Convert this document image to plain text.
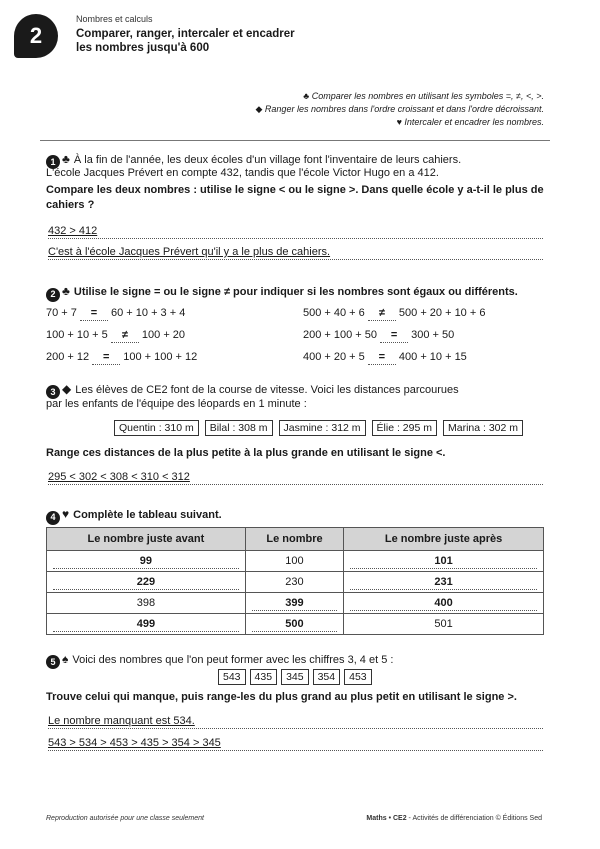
2
Nombres et calculs
Comparer, ranger, intercaler et encadrer les nombres jusqu'à 600
♣ Comparer les nombres en utilisant les symboles =, ≠, <, >.
◆ Ranger les nombres dans l'ordre croissant et dans l'ordre décroissant.
♥ Intercaler et encadrer les nombres.
1 ♣ À la fin de l'année, les deux écoles d'un village font l'inventaire de leurs cahiers.
L'école Jacques Prévert en compte 432, tandis que l'école Victor Hugo en a 412.
Compare les deux nombres : utilise le signe < ou le signe >. Dans quelle école y a-t-il le plus de cahiers ?
432 > 412
C'est à l'école Jacques Prévert qu'il y a le plus de cahiers.
2 ♣ Utilise le signe = ou le signe ≠ pour indiquer si les nombres sont égaux ou différents.
70 + 7 = 60 + 10 + 3 + 4
100 + 10 + 5 ≠ 100 + 20
200 + 12 = 100 + 100 + 12
500 + 40 + 6 ≠ 500 + 20 + 10 + 6
200 + 100 + 50 = 300 + 50
400 + 20 + 5 = 400 + 10 + 15
3 ◆ Les élèves de CE2 font de la course de vitesse. Voici les distances parcourues
par les enfants de l'équipe des léopards en 1 minute :
Quentin : 310 m	Bilal : 308 m	Jasmine : 312 m	Élie : 295 m	Marina : 302 m
Range ces distances de la plus petite à la plus grande en utilisant le signe <.
295 < 302 < 308 < 310 < 312
4 ♥ Complète le tableau suivant.
Le nombre juste avant	Le nombre	Le nombre juste après

99	100	101

229	230	231

398	399	400

499	500	501
5 ♠ Voici des nombres que l'on peut former avec les chiffres 3, 4 et 5 :
543	435	345	354	453
Trouve celui qui manque, puis range-les du plus grand au plus petit en utilisant le signe >.
Le nombre manquant est 534.
543 > 534 > 453 > 435 > 354 > 345
Reproduction autorisée pour une classe seulement	Maths • CE2 - Activités de différenciation © Éditions Sed
